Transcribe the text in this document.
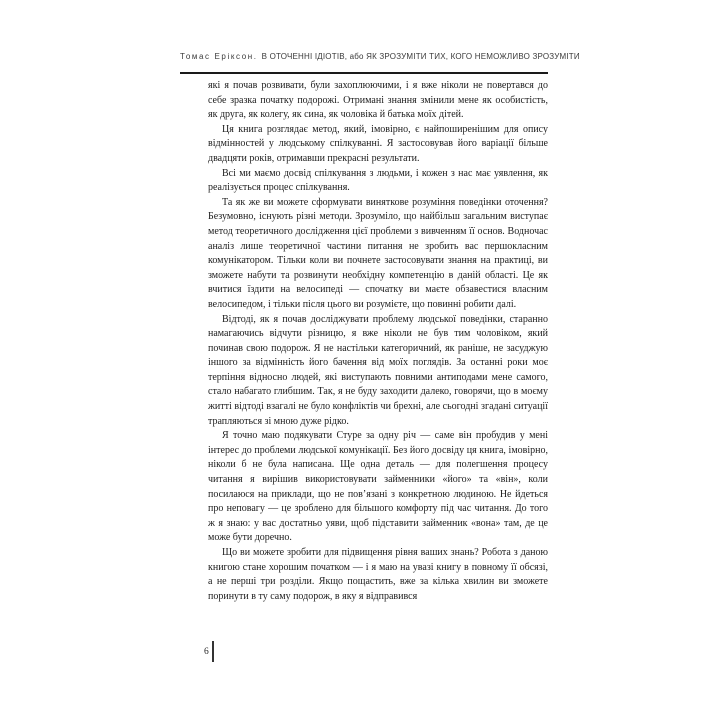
Томас Еріксон. В ОТОЧЕННІ ІДІОТІВ, або ЯК ЗРОЗУМІТИ ТИХ, КОГО НЕМОЖЛИВО ЗРОЗУМІТИ

які я почав розвивати, були захоплюючими, і я вже ніколи не повертався до себе зразка початку подорожі. Отримані знання змінили мене як особистість, як друга, як колегу, як сина, як чоловіка й батька моїх дітей.

Ця книга розглядає метод, який, імовірно, є найпоширенішим для опису відмінностей у людському спілкуванні. Я застосовував його варіації більше двадцяти років, отримавши прекрасні результати.

Всі ми маємо досвід спілкування з людьми, і кожен з нас має уявлення, як реалізується процес спілкування.

Та як же ви можете сформувати виняткове розуміння поведінки оточення? Безумовно, існують різні методи. Зрозуміло, що найбільш загальним виступає метод теоретичного дослідження цієї проблеми з вивченням її основ. Водночас аналіз лише теоретичної частини питання не зробить вас першокласним комунікатором. Тільки коли ви почнете застосовувати знання на практиці, ви зможете набути та розвинути необхідну компетенцію в даній області. Це як вчитися їздити на велосипеді — спочатку ви маєте обзавестися власним велосипедом, і тільки після цього ви розумієте, що повинні робити далі.

Відтоді, як я почав досліджувати проблему людської поведінки, старанно намагаючись відчути різницю, я вже ніколи не був тим чоловіком, який починав свою подорож. Я не настільки категоричний, як раніше, не засуджую іншого за відмінність його бачення від моїх поглядів. За останні роки моє терпіння відносно людей, які виступають повними антиподами мене самого, стало набагато глибшим. Так, я не буду заходити далеко, говорячи, що в моєму житті відтоді взагалі не було конфліктів чи брехні, але сьогодні згадані ситуації трапляються зі мною дуже рідко.

Я точно маю подякувати Стуре за одну річ — саме він пробудив у мені інтерес до проблеми людської комунікації. Без його досвіду ця книга, імовірно, ніколи б не була написана. Ще одна деталь — для полегшення процесу читання я вирішив використовувати займенники «його» та «він», коли посилаюся на приклади, що не пов’язані з конкретною людиною. Не йдеться про неповагу — це зроблено для більшого комфорту під час читання. До того ж я знаю: у вас достатньо уяви, щоб підставити займенник «вона» там, де це може бути доречно.

Що ви можете зробити для підвищення рівня ваших знань? Робота з даною книгою стане хорошим початком — і я маю на увазі книгу в повному її обсязі, а не перші три розділи. Якщо пощастить, вже за кілька хвилин ви зможете поринути в ту саму подорож, в яку я відправився

6
